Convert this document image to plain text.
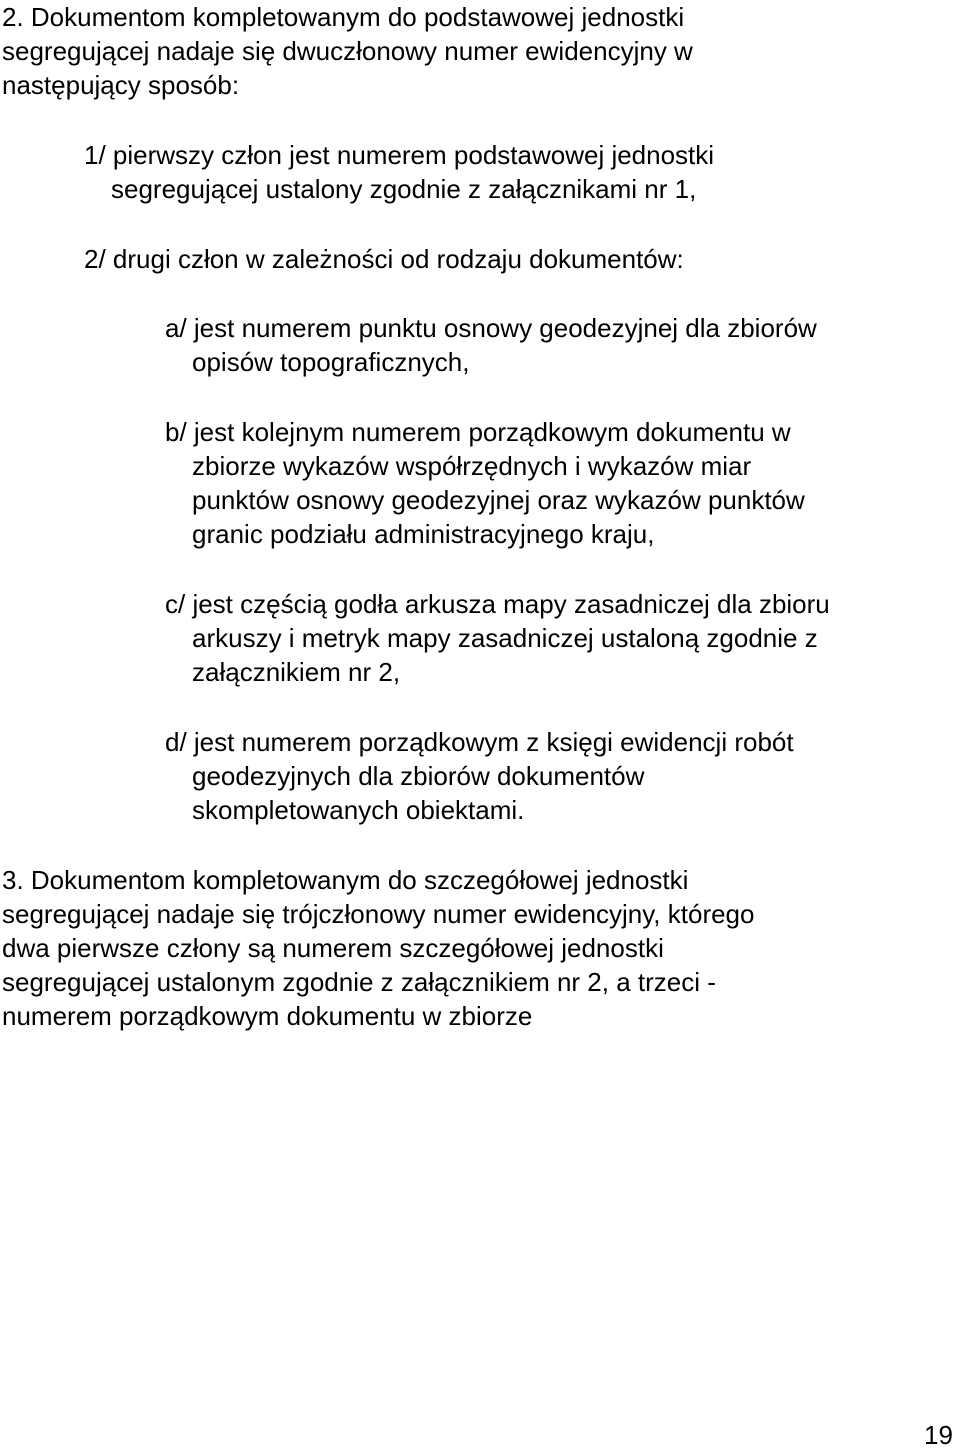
2. Dokumentom kompletowanym do podstawowej jednostki
segregującej nadaje się dwuczłonowy numer ewidencyjny w
następujący sposób:
1/ pierwszy człon jest numerem podstawowej jednostki
segregującej ustalony zgodnie z załącznikami nr 1,
2/ drugi człon w zależności od rodzaju dokumentów:
a/ jest numerem punktu osnowy geodezyjnej dla zbiorów
opisów topograficznych,
b/ jest kolejnym numerem porządkowym dokumentu w
zbiorze wykazów współrzędnych i wykazów miar
punktów osnowy geodezyjnej oraz wykazów punktów
granic podziału administracyjnego kraju,
c/ jest częścią godła arkusza mapy zasadniczej dla zbioru
arkuszy i metryk mapy zasadniczej ustaloną zgodnie z
załącznikiem nr 2,
d/ jest numerem porządkowym z księgi ewidencji robót
geodezyjnych dla zbiorów dokumentów
skompletowanych obiektami.
3. Dokumentom kompletowanym do szczegółowej jednostki
segregującej nadaje się trójczłonowy numer ewidencyjny, którego
dwa pierwsze człony są numerem szczegółowej jednostki
segregującej ustalonym zgodnie z załącznikiem nr 2, a trzeci -
numerem porządkowym dokumentu w zbiorze
19
